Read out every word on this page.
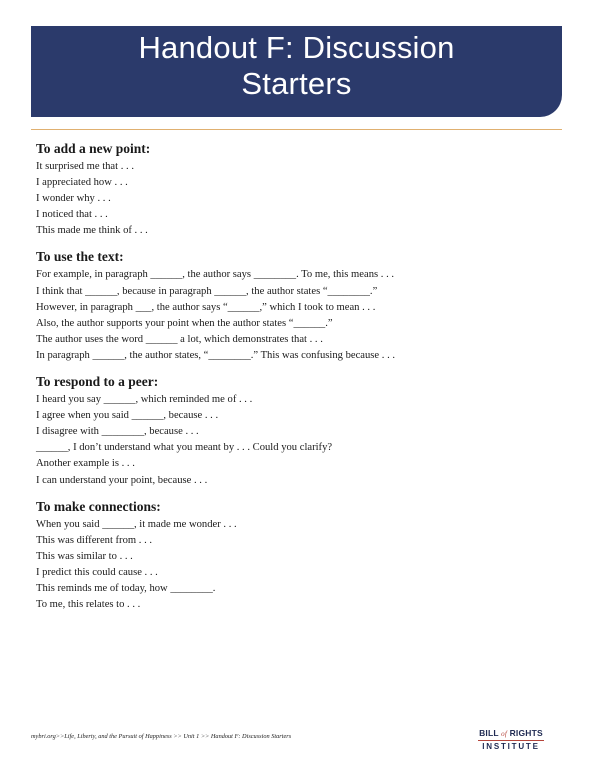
Handout F: Discussion
Starters
To add a new point:
It surprised me that . . .
I appreciated how . . .
I wonder why . . .
I noticed that . . .
This made me think of . . .
To use the text:
For example, in paragraph ______, the author says ________. To me, this means . . .
I think that ______, because in paragraph ______, the author states “________.”
However, in paragraph ___, the author says “______,” which I took to mean . . .
Also, the author supports your point when the author states “______.”
The author uses the word ______ a lot, which demonstrates that . . .
In paragraph ______, the author states, “________.” This was confusing because . . .
To respond to a peer:
I heard you say ______, which reminded me of . . .
I agree when you said ______, because . . .
I disagree with ________, because . . .
______, I don’t understand what you meant by . . . Could you clarify?
Another example is . . .
I can understand your point, because . . .
To make connections:
When you said ______, it made me wonder . . .
This was different from . . .
This was similar to . . .
I predict this could cause . . .
This reminds me of today, how ________.
To me, this relates to . . .
mybri.org>>Life, Liberty, and the Pursuit of Happiness >> Unit 1 >> Handout F: Discussion Starters	BILL of RIGHTS
INSTITUTE
